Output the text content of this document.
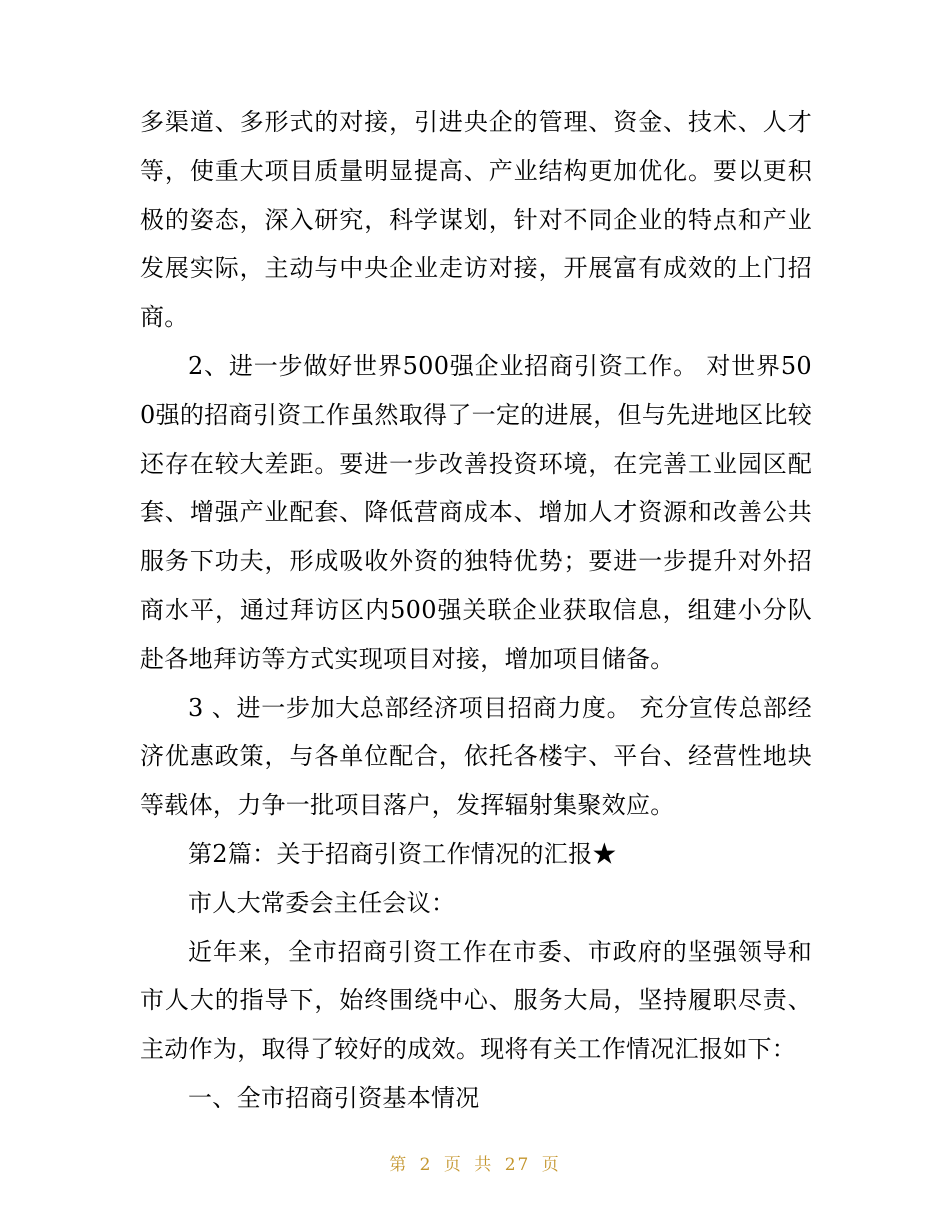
多渠道、多形式的对接，引进央企的管理、资金、技术、人才等，使重大项目质量明显提高、产业结构更加优化。要以更积极的姿态，深入研究，科学谋划，针对不同企业的特点和产业发展实际，主动与中央企业走访对接，开展富有成效的上门招商。

2、进一步做好世界500强企业招商引资工作。 对世界500强的招商引资工作虽然取得了一定的进展，但与先进地区比较还存在较大差距。要进一步改善投资环境，在完善工业园区配套、增强产业配套、降低营商成本、增加人才资源和改善公共服务下功夫，形成吸收外资的独特优势；要进一步提升对外招商水平，通过拜访区内500强关联企业获取信息，组建小分队赴各地拜访等方式实现项目对接，增加项目储备。

3 、进一步加大总部经济项目招商力度。 充分宣传总部经济优惠政策，与各单位配合，依托各楼宇、平台、经营性地块等载体，力争一批项目落户，发挥辐射集聚效应。

第2篇：关于招商引资工作情况的汇报★

市人大常委会主任会议：

近年来，全市招商引资工作在市委、市政府的坚强领导和市人大的指导下，始终围绕中心、服务大局，坚持履职尽责、主动作为，取得了较好的成效。现将有关工作情况汇报如下：

一、全市招商引资基本情况

第 2 页 共 27 页
